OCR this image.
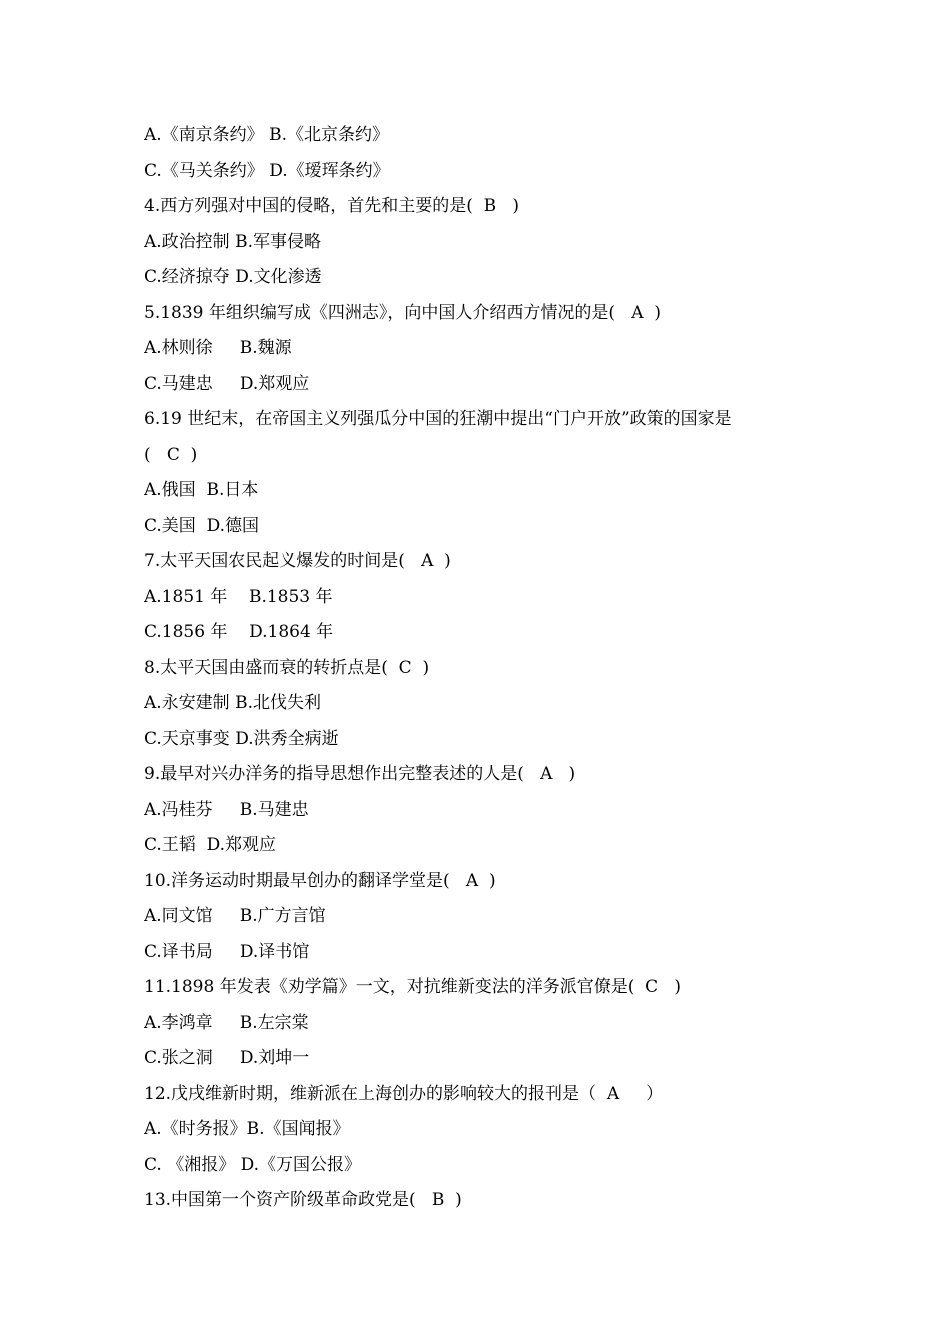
A.《南京条约》 B.《北京条约》
C.《马关条约》 D.《瑷珲条约》
4.西方列强对中国的侵略，首先和主要的是(  B   )
A.政治控制 B.军事侵略
C.经济掠夺 D.文化渗透
5.1839 年组织编写成《四洲志》，向中国人介绍西方情况的是(   A  )
A.林则徐     B.魏源
C.马建忠     D.郑观应
6.19 世纪末，在帝国主义列强瓜分中国的狂潮中提出“门户开放”政策的国家是
(   C  )
A.俄国  B.日本
C.美国  D.德国
7.太平天国农民起义爆发的时间是(   A  )
A.1851 年    B.1853 年
C.1856 年    D.1864 年
8.太平天国由盛而衰的转折点是(  C  )
A.永安建制 B.北伐失利
C.天京事变 D.洪秀全病逝
9.最早对兴办洋务的指导思想作出完整表述的人是(   A   )
A.冯桂芬     B.马建忠
C.王韬  D.郑观应
10.洋务运动时期最早创办的翻译学堂是(   A  )
A.同文馆     B.广方言馆
C.译书局     D.译书馆
11.1898 年发表《劝学篇》一文，对抗维新变法的洋务派官僚是(  C   )
A.李鸿章     B.左宗棠
C.张之洞     D.刘坤一
12.戊戌维新时期，维新派在上海创办的影响较大的报刊是（  A     ）
A.《时务报》B.《国闻报》
C. 《湘报》 D.《万国公报》
13.中国第一个资产阶级革命政党是(   B  )
